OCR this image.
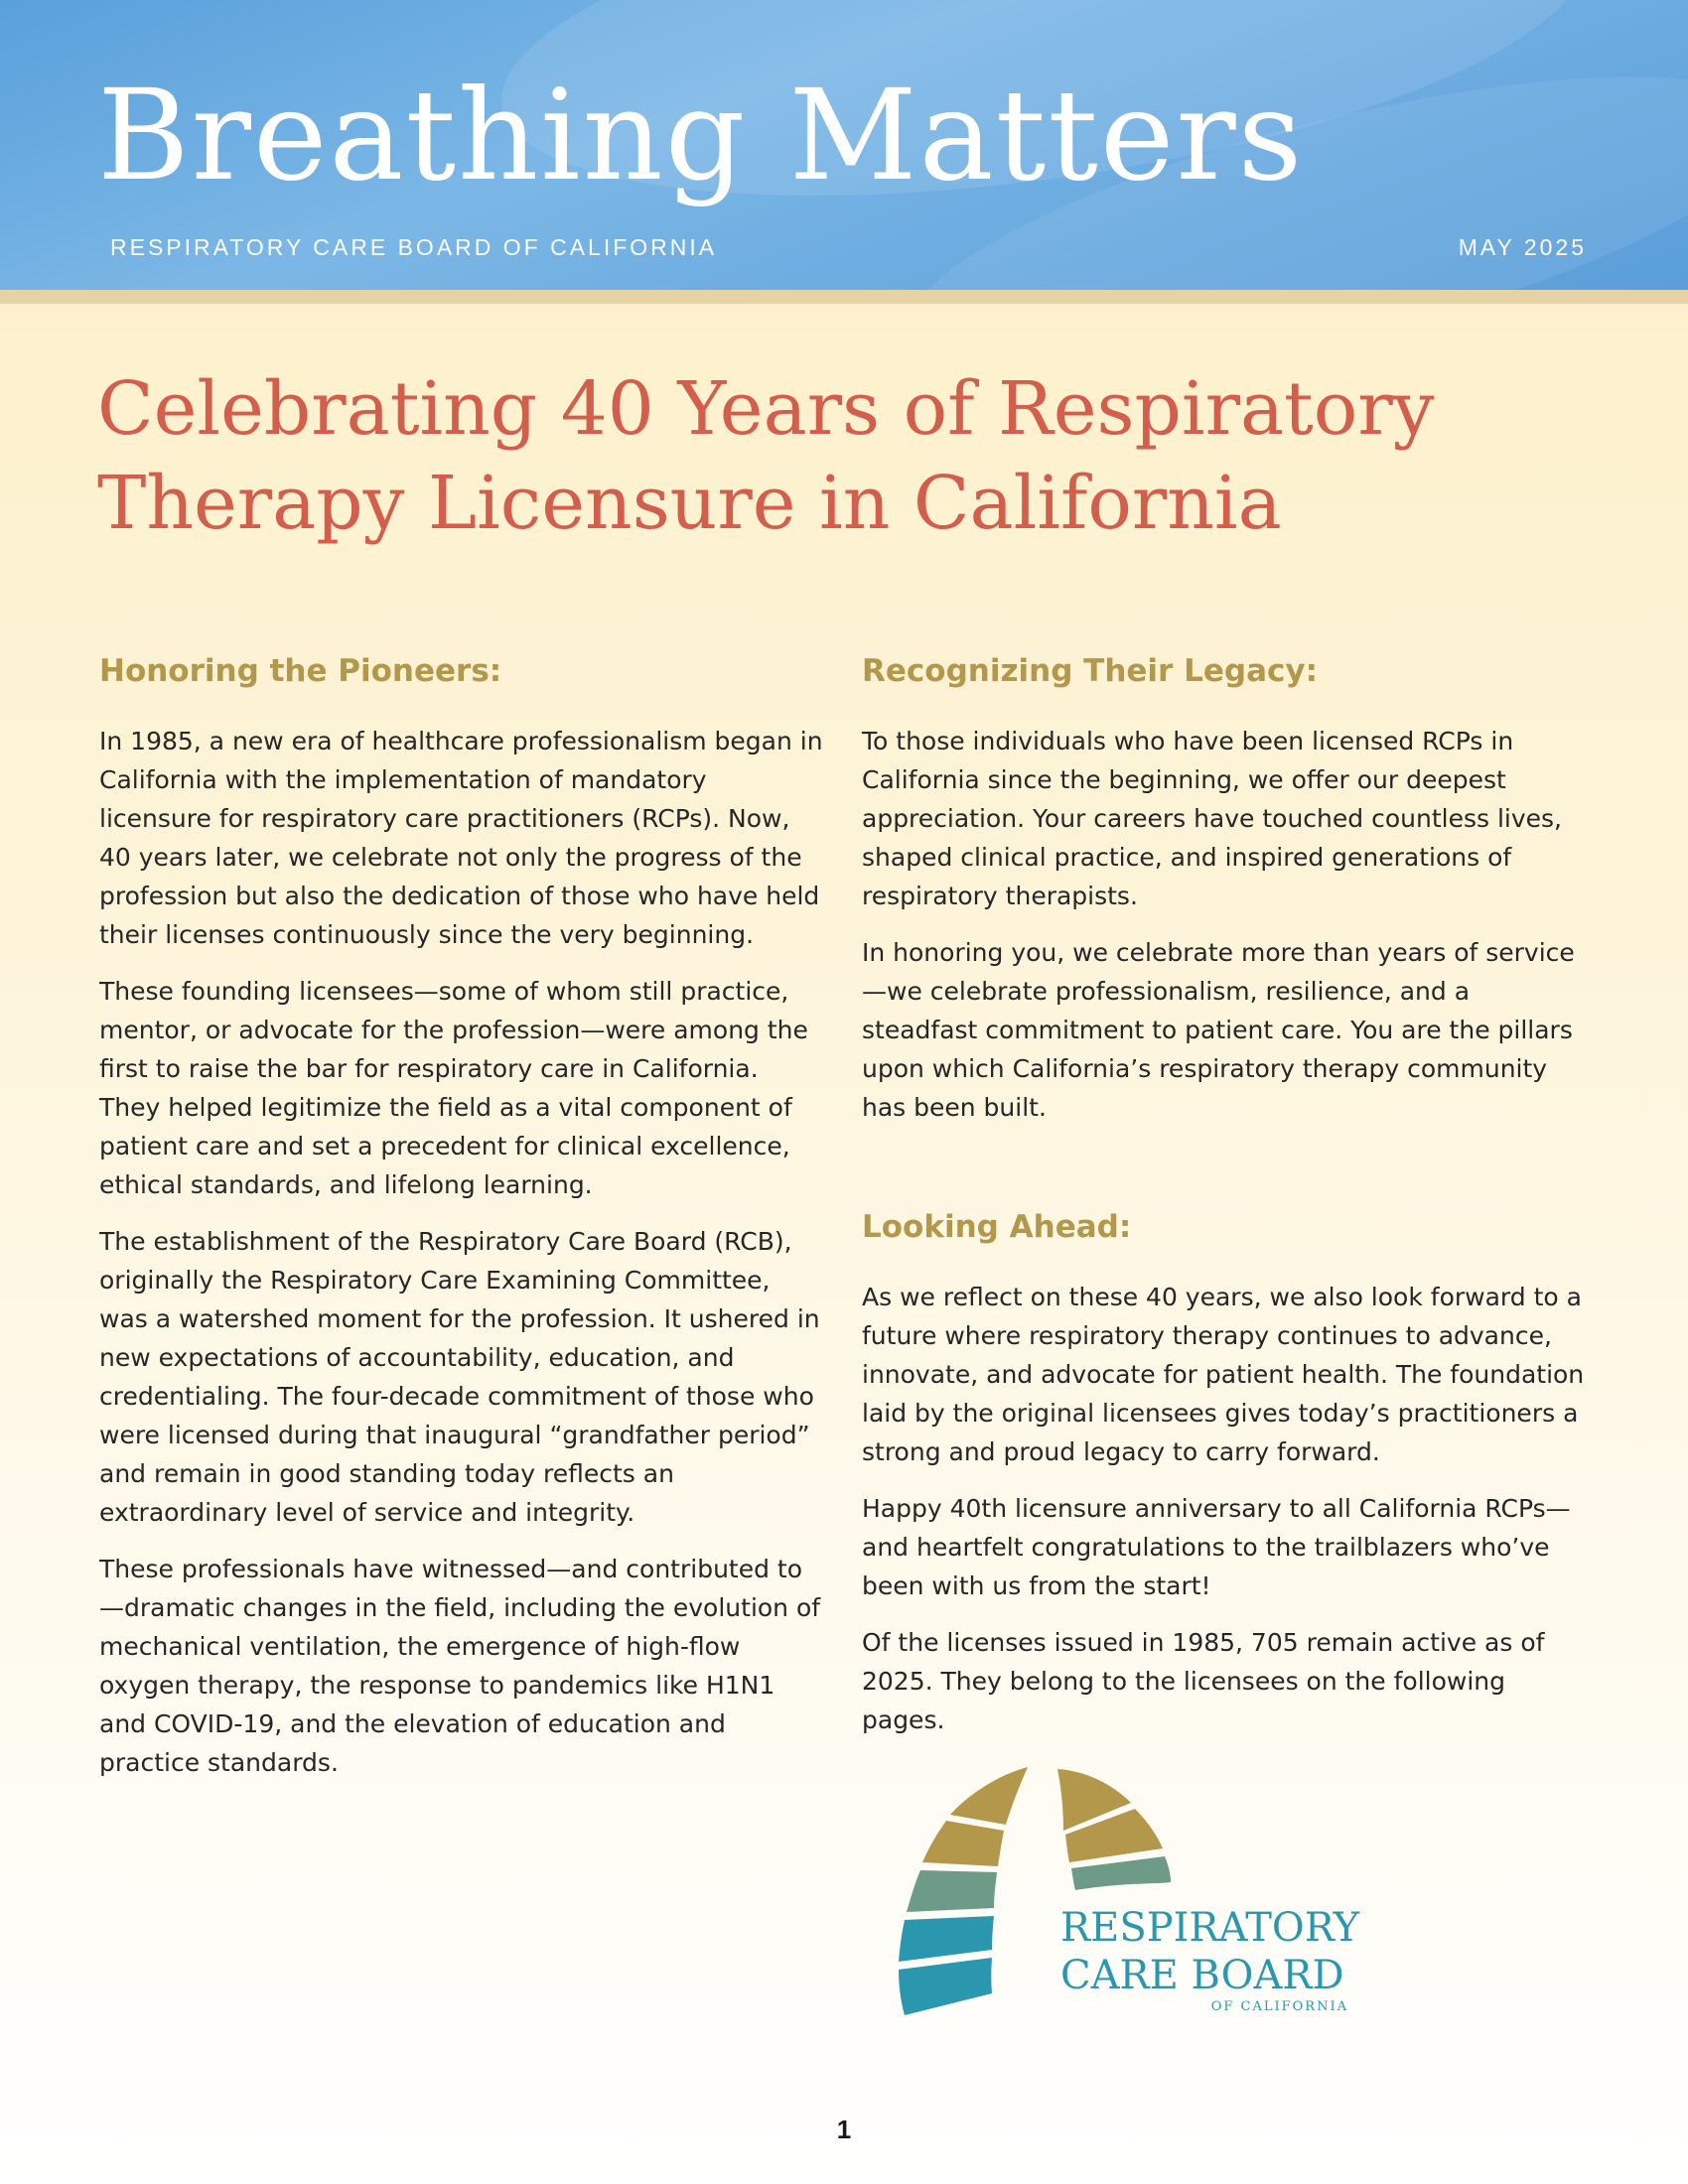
Breathing Matters
RESPIRATORY CARE BOARD OF CALIFORNIA	MAY 2025
Celebrating 40 Years of Respiratory Therapy Licensure in California
Honoring the Pioneers:

In 1985, a new era of healthcare professionalism began in California with the implementation of mandatory licensure for respiratory care practitioners (RCPs). Now, 40 years later, we celebrate not only the progress of the profession but also the dedication of those who have held their licenses continuously since the very beginning.

These founding licensees—some of whom still practice, mentor, or advocate for the profession—were among the first to raise the bar for respiratory care in California. They helped legitimize the field as a vital component of patient care and set a precedent for clinical excellence, ethical standards, and lifelong learning.

The establishment of the Respiratory Care Board (RCB), originally the Respiratory Care Examining Committee, was a watershed moment for the profession. It ushered in new expectations of accountability, education, and credentialing. The four-decade commitment of those who were licensed during that inaugural “grandfather period” and remain in good standing today reflects an extraordinary level of service and integrity.

These professionals have witnessed—and contributed to—dramatic changes in the field, including the evolution of mechanical ventilation, the emergence of high-flow oxygen therapy, the response to pandemics like H1N1 and COVID-19, and the elevation of education and practice standards.

Recognizing Their Legacy:

To those individuals who have been licensed RCPs in California since the beginning, we offer our deepest appreciation. Your careers have touched countless lives, shaped clinical practice, and inspired generations of respiratory therapists.

In honoring you, we celebrate more than years of service—we celebrate professionalism, resilience, and a steadfast commitment to patient care. You are the pillars upon which California’s respiratory therapy community has been built.

Looking Ahead:

As we reflect on these 40 years, we also look forward to a future where respiratory therapy continues to advance, innovate, and advocate for patient health. The foundation laid by the original licensees gives today’s practitioners a strong and proud legacy to carry forward.

Happy 40th licensure anniversary to all California RCPs—and heartfelt congratulations to the trailblazers who’ve been with us from the start!

Of the licenses issued in 1985, 705 remain active as of 2025. They belong to the licensees on the following pages.

RESPIRATORY
CARE BOARD
OF CALIFORNIA
1
